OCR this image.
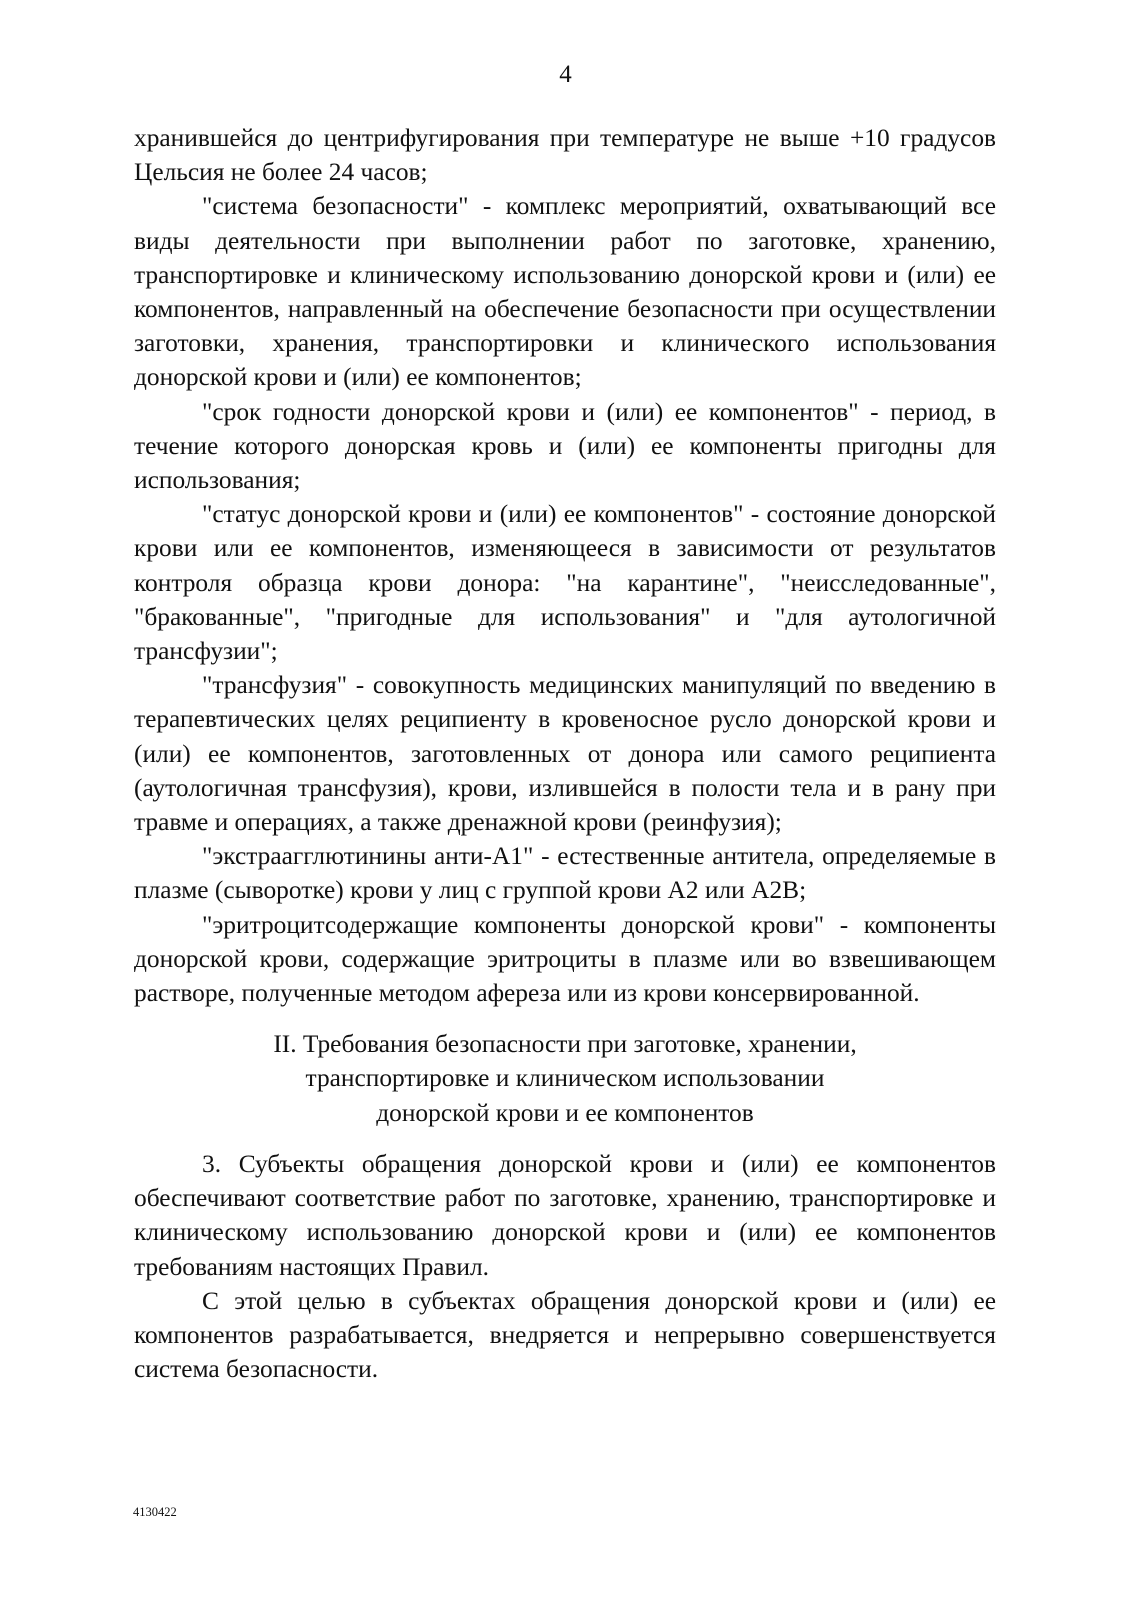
4

хранившейся до центрифугирования при температуре не выше +10 градусов Цельсия не более 24 часов;

"система безопасности" - комплекс мероприятий, охватывающий все виды деятельности при выполнении работ по заготовке, хранению, транспортировке и клиническому использованию донорской крови и (или) ее компонентов, направленный на обеспечение безопасности при осуществлении заготовки, хранения, транспортировки и клинического использования донорской крови и (или) ее компонентов;

"срок годности донорской крови и (или) ее компонентов" - период, в течение которого донорская кровь и (или) ее компоненты пригодны для использования;

"статус донорской крови и (или) ее компонентов" - состояние донорской крови или ее компонентов, изменяющееся в зависимости от результатов контроля образца крови донора: "на карантине", "неисследованные", "бракованные", "пригодные для использования" и "для аутологичной трансфузии";

"трансфузия" - совокупность медицинских манипуляций по введению в терапевтических целях реципиенту в кровеносное русло донорской крови и (или) ее компонентов, заготовленных от донора или самого реципиента (аутологичная трансфузия), крови, излившейся в полости тела и в рану при травме и операциях, а также дренажной крови (реинфузия);

"экстраагглютинины анти-A1" - естественные антитела, определяемые в плазме (сыворотке) крови у лиц с группой крови A2 или A2B;

"эритроцитсодержащие компоненты донорской крови" - компоненты донорской крови, содержащие эритроциты в плазме или во взвешивающем растворе, полученные методом афереза или из крови консервированной.

II. Требования безопасности при заготовке, хранении,
транспортировке и клиническом использовании
донорской крови и ее компонентов

3. Субъекты обращения донорской крови и (или) ее компонентов обеспечивают соответствие работ по заготовке, хранению, транспортировке и клиническому использованию донорской крови и (или) ее компонентов требованиям настоящих Правил.

С этой целью в субъектах обращения донорской крови и (или) ее компонентов разрабатывается, внедряется и непрерывно совершенствуется система безопасности.

4130422
